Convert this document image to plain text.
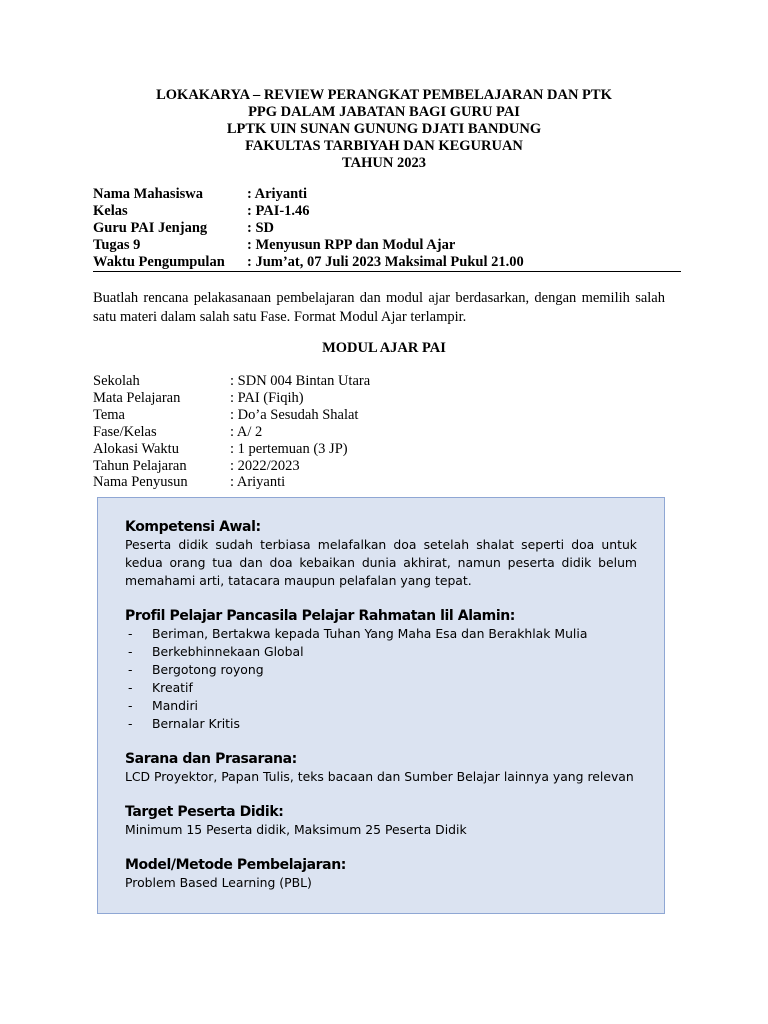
LOKAKARYA – REVIEW PERANGKAT PEMBELAJARAN DAN PTK
PPG DALAM JABATAN BAGI GURU PAI
LPTK UIN SUNAN GUNUNG DJATI BANDUNG
FAKULTAS TARBIYAH DAN KEGURUAN
TAHUN 2023
Nama Mahasiswa	: Ariyanti
Kelas	: PAI-1.46
Guru PAI Jenjang	: SD
Tugas 9	: Menyusun RPP dan Modul Ajar
Waktu Pengumpulan	: Jum’at, 07 Juli 2023 Maksimal Pukul 21.00

Buatlah rencana pelakasanaan pembelajaran dan modul ajar berdasarkan, dengan memilih salah satu materi dalam salah satu Fase. Format Modul Ajar terlampir.

MODUL AJAR PAI
Sekolah	: SDN 004 Bintan Utara
Mata Pelajaran	: PAI (Fiqih)
Tema	: Do’a Sesudah Shalat
Fase/Kelas	: A/ 2
Alokasi Waktu	: 1 pertemuan (3 JP)
Tahun Pelajaran	: 2022/2023
Nama Penyusun	: Ariyanti
Kompetensi Awal:
Peserta didik sudah terbiasa melafalkan doa setelah shalat seperti doa untuk kedua orang tua dan doa kebaikan dunia akhirat, namun peserta didik belum memahami arti, tatacara maupun pelafalan yang tepat.
Profil Pelajar Pancasila Pelajar Rahmatan lil Alamin:
-	Beriman, Bertakwa kepada Tuhan Yang Maha Esa dan Berakhlak Mulia
-	Berkebhinnekaan Global
-	Bergotong royong
-	Kreatif
-	Mandiri
-	Bernalar Kritis
Sarana dan Prasarana:
LCD Proyektor, Papan Tulis, teks bacaan dan Sumber Belajar lainnya yang relevan
Target Peserta Didik:
Minimum 15 Peserta didik, Maksimum 25 Peserta Didik
Model/Metode Pembelajaran:
Problem Based Learning (PBL)
